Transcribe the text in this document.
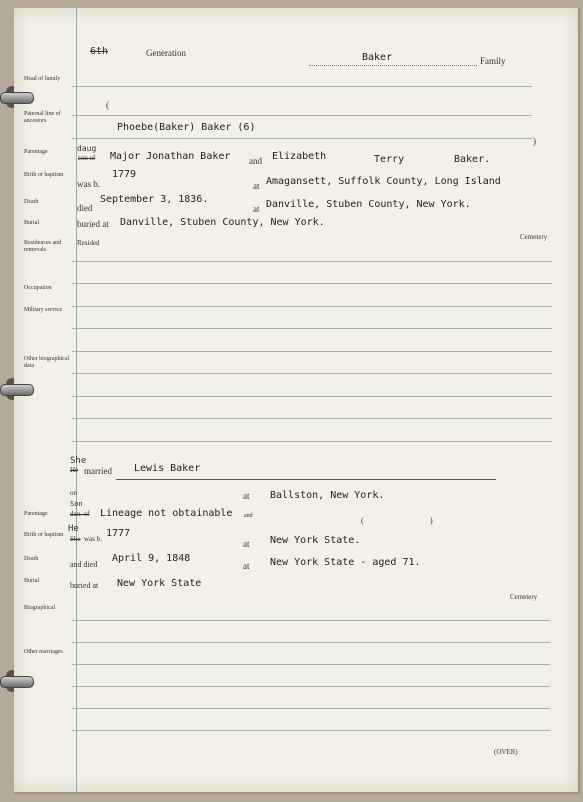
6th	Generation	Baker	Family
Head of family
Paternal line of ancestors
Parentage
Birth or baptism
Death
Burial
Residences and removals
Occupation
Military service
Other biographical data
Parentage
Birth or baptism
Death
Burial
Biographical
Other marriages
(
Phoebe(Baker) Baker (6)
)
daug
son of Major Jonathan Baker and Elizabeth	Terry	Baker.
was b.
1779
at Amagansett, Suffolk County, Long Island
died
September 3, 1836.
at Danville, Stuben County, New York.
buried at Danville, Stuben County, New York.
Cemetery
Resided
She
He married Lewis Baker
on	at Ballston, New York.
Son
dau. of Lineage not obtainable and	(	)
He
She was b. 1777
at New York State.
and died
April 9, 1848
at New York State - aged 71.
buried at New York State
Cemetery
(OVER)
